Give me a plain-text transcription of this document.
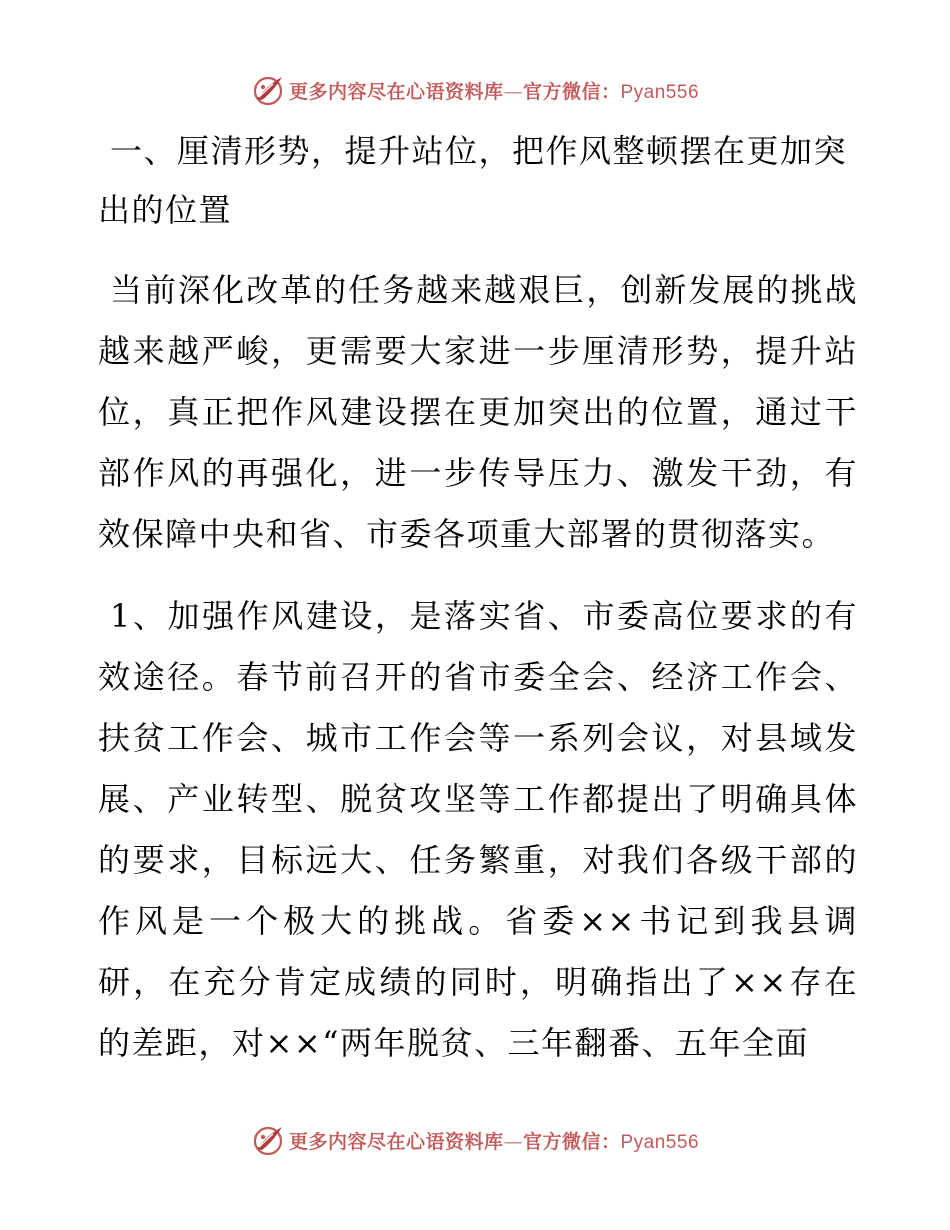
更多内容尽在心语资料库—官方微信：Pyan556

一、厘清形势，提升站位，把作风整顿摆在更加突出的位置

当前深化改革的任务越来越艰巨，创新发展的挑战越来越严峻，更需要大家进一步厘清形势，提升站位，真正把作风建设摆在更加突出的位置，通过干部作风的再强化，进一步传导压力、激发干劲，有效保障中央和省、市委各项重大部署的贯彻落实。

1、加强作风建设，是落实省、市委高位要求的有效途径。春节前召开的省市委全会、经济工作会、扶贫工作会、城市工作会等一系列会议，对县域发展、产业转型、脱贫攻坚等工作都提出了明确具体的要求，目标远大、任务繁重，对我们各级干部的作风是一个极大的挑战。省委××书记到我县调研，在充分肯定成绩的同时，明确指出了××存在的差距，对××“两年脱贫、三年翻番、五年全面

更多内容尽在心语资料库—官方微信：Pyan556
